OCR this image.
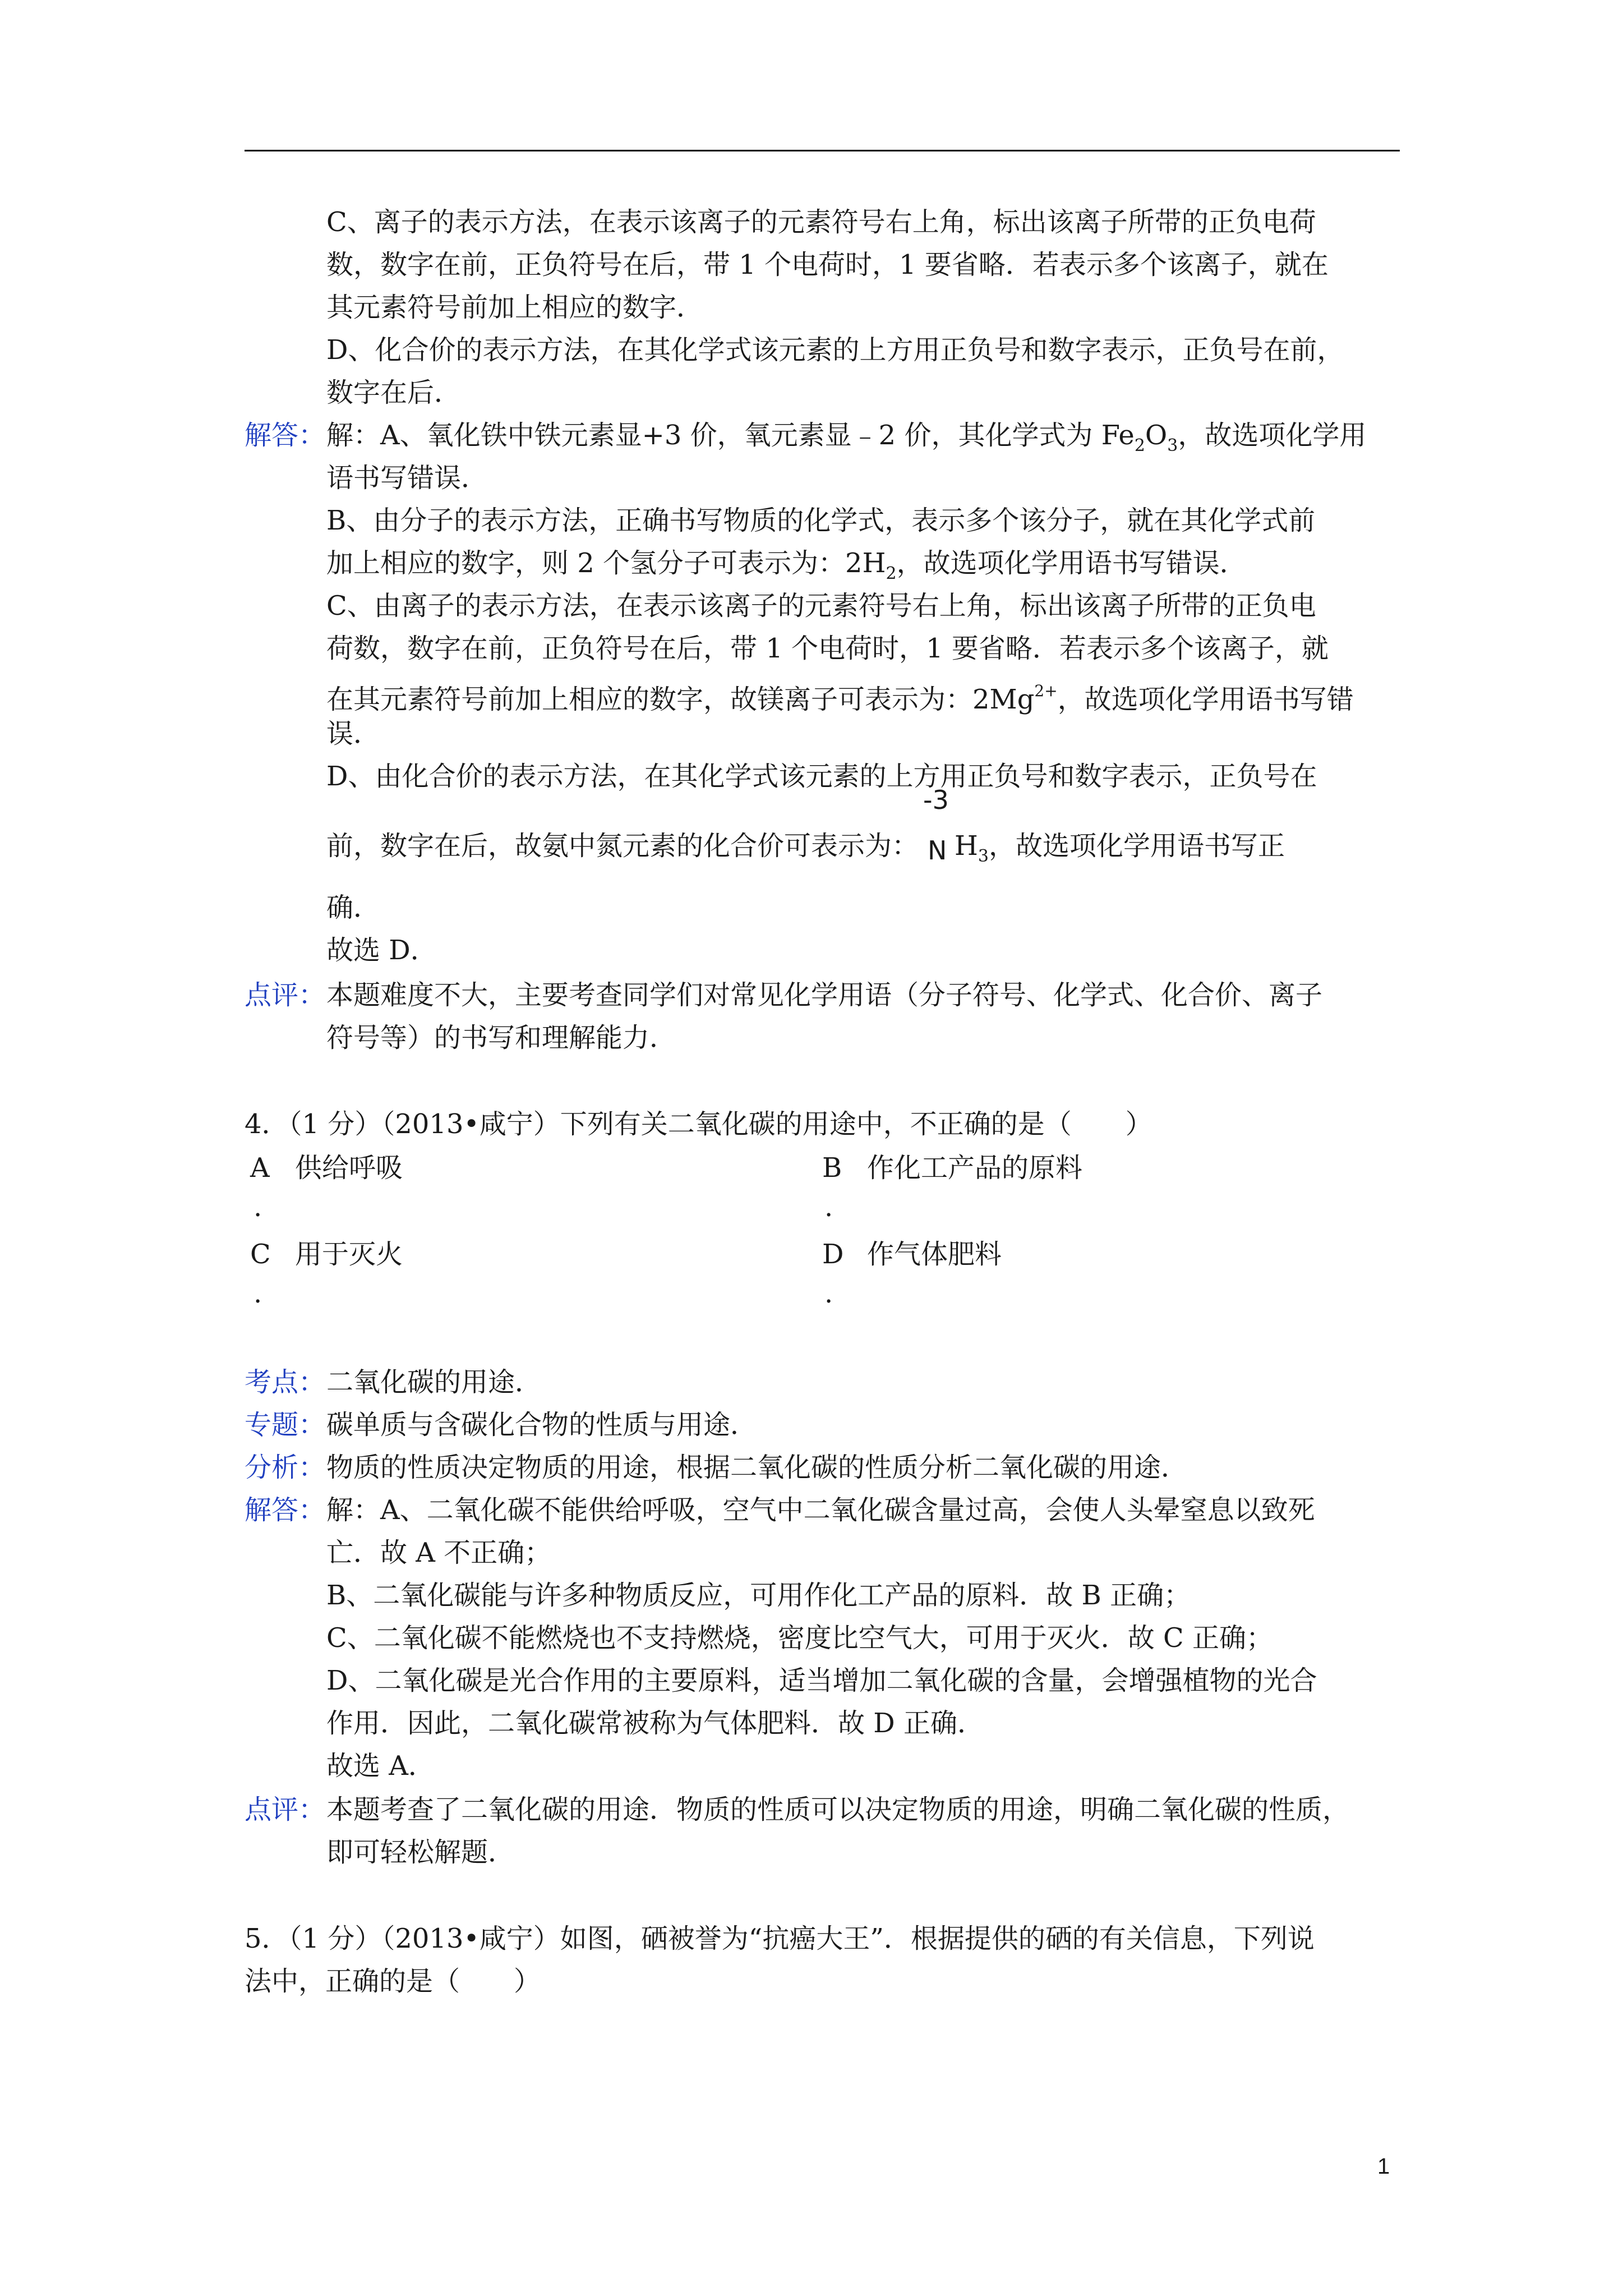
C、离子的表示方法，在表示该离子的元素符号右上角，标出该离子所带的正负电荷
数，数字在前，正负符号在后，带 1 个电荷时，1 要省略．若表示多个该离子，就在
其元素符号前加上相应的数字．
D、化合价的表示方法，在其化学式该元素的上方用正负号和数字表示，正负号在前，
数字在后．
解答： 解：A、氧化铁中铁元素显+3 价，氧元素显﹣2 价，其化学式为 $Fe_2O_3$，故选项化学用
语书写错误．
B、由分子的表示方法，正确书写物质的化学式，表示多个该分子，就在其化学式前
加上相应的数字，则 2 个氢分子可表示为：$2H_2$，故选项化学用语书写错误．
C、由离子的表示方法，在表示该离子的元素符号右上角，标出该离子所带的正负电
荷数，数字在前，正负符号在后，带 1 个电荷时，1 要省略．若表示多个该离子，就
在其元素符号前加上相应的数字，故镁离子可表示为：$2Mg^{2+}$，故选项化学用语书写错
误．
D、由化合价的表示方法，在其化学式该元素的上方用正负号和数字表示，正负号在
前，数字在后，故氨中氮元素的化合价可表示为：
-3
N $H_3$，故选项化学用语书写正
确．
故选 D．
点评： 本题难度不大，主要考查同学们对常见化学用语（分子符号、化学式、化合价、离子
符号等）的书写和理解能力．
4．（1 分）（2013•咸宁）下列有关二氧化碳的用途中，不正确的是（　　）
A 供给呼吸	B 作化工产品的原料
.	.
C 用于灭火	D 作气体肥料
.	.
考点： 二氧化碳的用途．
专题： 碳单质与含碳化合物的性质与用途．
分析： 物质的性质决定物质的用途，根据二氧化碳的性质分析二氧化碳的用途．
解答： 解：A、二氧化碳不能供给呼吸，空气中二氧化碳含量过高，会使人头晕窒息以致死
亡．故 A 不正确；
B、二氧化碳能与许多种物质反应，可用作化工产品的原料．故 B 正确；
C、二氧化碳不能燃烧也不支持燃烧，密度比空气大，可用于灭火．故 C 正确；
D、二氧化碳是光合作用的主要原料，适当增加二氧化碳的含量，会增强植物的光合
作用．因此，二氧化碳常被称为气体肥料．故 D 正确．
故选 A．
点评： 本题考查了二氧化碳的用途．物质的性质可以决定物质的用途，明确二氧化碳的性质，
即可轻松解题．
5．（1 分）（2013•咸宁）如图，硒被誉为“抗癌大王”．根据提供的硒的有关信息，下列说
法中，正确的是（　　）
1
